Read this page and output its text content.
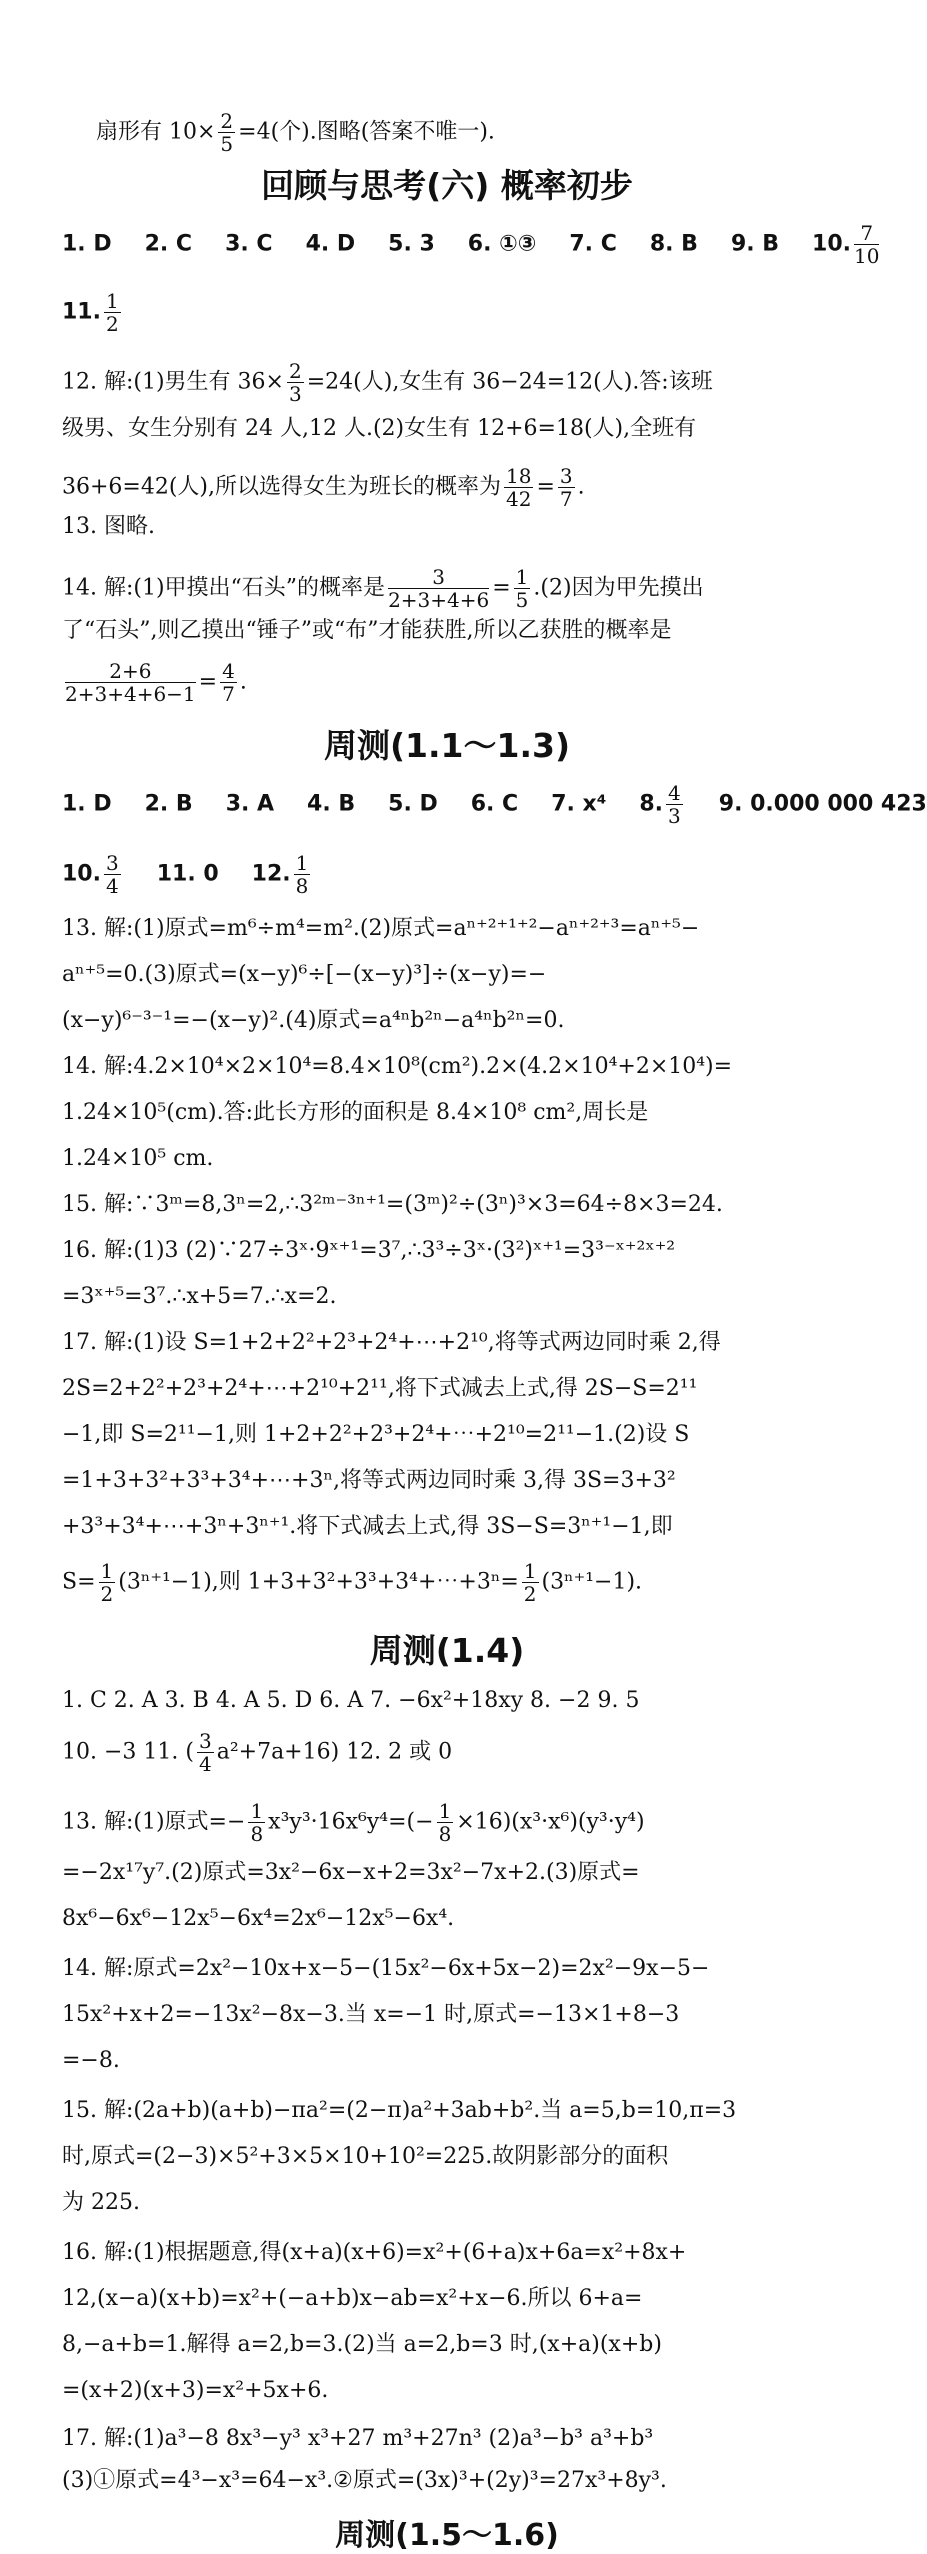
扇形有 $10\times \frac{2}{5} =4$(个).图略(答案不唯一).
回顾与思考(六) 概率初步
1. D 2. C 3. C 4. D 5. 3 6. ①③ 7. C 8. B 9. B 10. $\frac{7}{10}$
11. $\frac{1}{2}$
12. 解:(1)男生有 $36\times \frac{2}{3} =24$(人),女生有 36−24=12(人).答:该班
级男、女生分别有 24 人,12 人.(2)女生有 12+6=18(人),全班有
36+6=42(人),所以选得女生为班长的概率为 $\frac{18}{42} = \frac{3}{7}$ .
13. 图略.
14. 解:(1)甲摸出“石头”的概率是 $\frac{3}{2+3+4+6} = \frac{1}{5} .(2)$因为甲先摸出
了“石头”,则乙摸出“锤子”或“布”才能获胜,所以乙获胜的概率是
$\frac{2+6}{2+3+4+6-1} = \frac{4}{7}$ .
周测(1.1～1.3)
1. D 2. B 3. A 4. B 5. D 6. C 7. x⁴ 8. $\frac{4}{3} 9$. 0.000 000 423
10. $\frac{3}{4} 11$. 0 12. $\frac{1}{8}$
13. 解:(1)原式=m⁶÷m⁴=m².(2)原式=aⁿ⁺²⁺¹⁺²−aⁿ⁺²⁺³=aⁿ⁺⁵−
aⁿ⁺⁵=0.(3)原式=(x−y)⁶÷[−(x−y)³]÷(x−y)=−
(x−y)⁶⁻³⁻¹=−(x−y)².(4)原式=a⁴ⁿb²ⁿ−a⁴ⁿb²ⁿ=0.
14. 解:4.2×10⁴×2×10⁴=8.4×10⁸(cm²).2×(4.2×10⁴+2×10⁴)=
1.24×10⁵(cm).答:此长方形的面积是 8.4×10⁸ cm²,周长是
1.24×10⁵ cm.
15. 解:∵3ᵐ=8,3ⁿ=2,∴3²ᵐ⁻³ⁿ⁺¹=(3ᵐ)²÷(3ⁿ)³×3=64÷8×3=24.
16. 解:(1)3 (2)∵27÷3ˣ·9ˣ⁺¹=3⁷,∴3³÷3ˣ·(3²)ˣ⁺¹=3³⁻ˣ⁺²ˣ⁺²
=3ˣ⁺⁵=3⁷.∴x+5=7.∴x=2.
17. 解:(1)设 S=1+2+2²+2³+2⁴+⋯+2¹⁰,将等式两边同时乘 2,得
2S=2+2²+2³+2⁴+⋯+2¹⁰+2¹¹,将下式减去上式,得 2S−S=2¹¹
−1,即 S=2¹¹−1,则 1+2+2²+2³+2⁴+⋯+2¹⁰=2¹¹−1.(2)设 S
=1+3+3²+3³+3⁴+⋯+3ⁿ,将等式两边同时乘 3,得 3S=3+3²
+3³+3⁴+⋯+3ⁿ+3ⁿ⁺¹.将下式减去上式,得 3S−S=3ⁿ⁺¹−1,即
$S= \frac{1}{2} (3^{n+1}-1)$,则 1+3+3²+3³+3⁴+⋯+3ⁿ= $\frac{1}{2} (3^{n+1}-1)$.
周测(1.4)
1. C 2. A 3. B 4. A 5. D 6. A 7. −6x²+18xy 8. −2 9. 5
10. −3 11. ( $\frac{3}{4} a^2+7a+16$) 12. 2 或 0
13. 解:(1)原式=− $\frac{1}{8} x^3y^3\cdot 16x^6y^4=(- \frac{1}{8} \times 16)(x^3\cdot x^6)(y^3\cdot y^4)$
=−2x¹⁷y⁷.(2)原式=3x²−6x−x+2=3x²−7x+2.(3)原式=
8x⁶−6x⁶−12x⁵−6x⁴=2x⁶−12x⁵−6x⁴.
14. 解:原式=2x²−10x+x−5−(15x²−6x+5x−2)=2x²−9x−5−
15x²+x+2=−13x²−8x−3.当 x=−1 时,原式=−13×1+8−3
=−8.
15. 解:(2a+b)(a+b)−πa²=(2−π)a²+3ab+b².当 a=5,b=10,π=3
时,原式=(2−3)×5²+3×5×10+10²=225.故阴影部分的面积
为 225.
16. 解:(1)根据题意,得(x+a)(x+6)=x²+(6+a)x+6a=x²+8x+
12,(x−a)(x+b)=x²+(−a+b)x−ab=x²+x−6.所以 6+a=
8,−a+b=1.解得 a=2,b=3.(2)当 a=2,b=3 时,(x+a)(x+b)
=(x+2)(x+3)=x²+5x+6.
17. 解:(1)a³−8 8x³−y³ x³+27 m³+27n³ (2)a³−b³ a³+b³
(3)①原式=4³−x³=64−x³.②原式=(3x)³+(2y)³=27x³+8y³.
周测(1.5～1.6)
